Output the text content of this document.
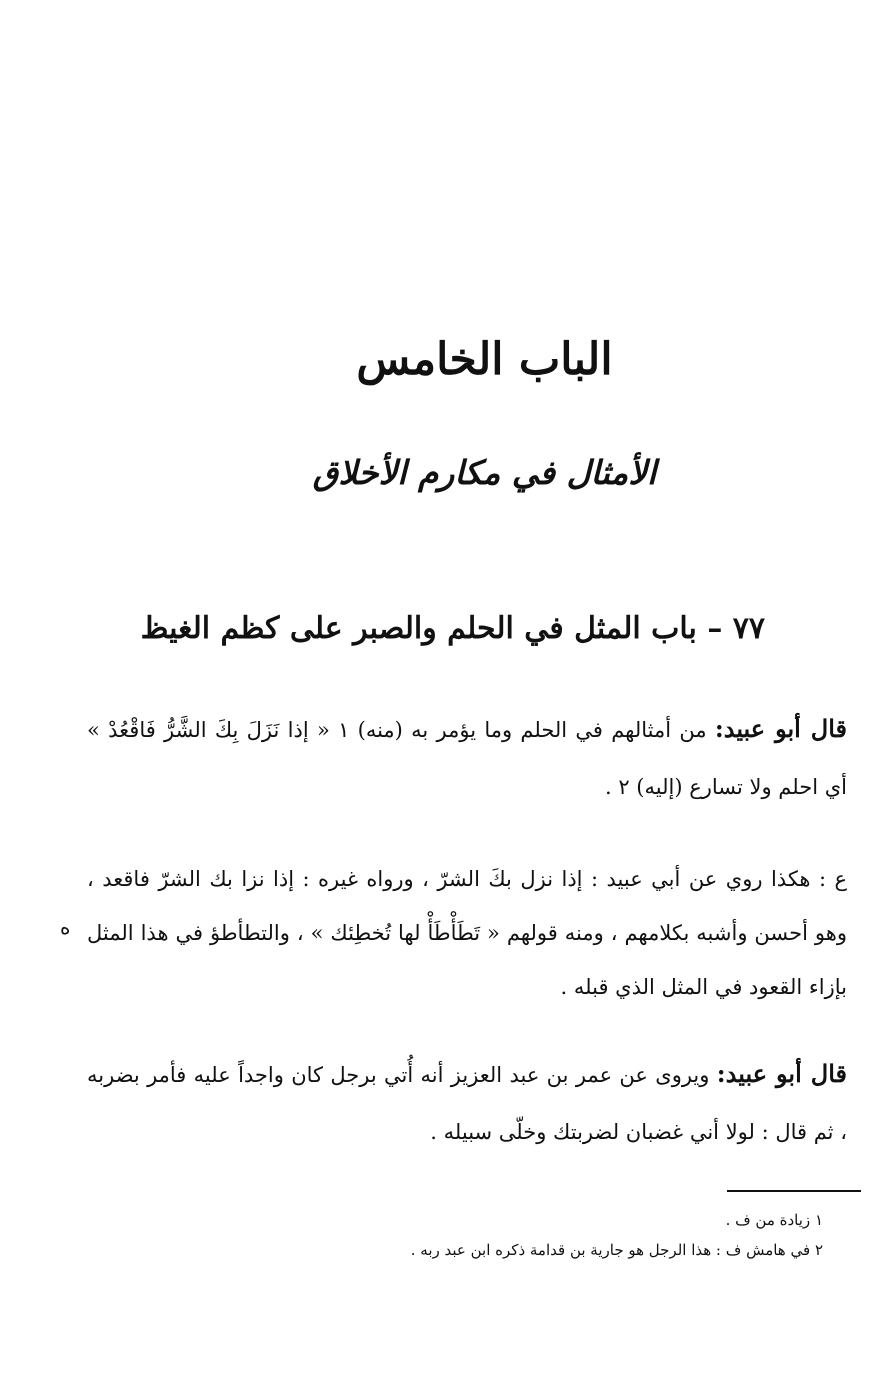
الباب الخامس
الأمثال في مكارم الأخلاق
٧٧ – باب المثل في الحلم والصبر على كظم الغيظ
قال أبو عبيد: من أمثالهم في الحلم وما يؤمر به (منه) ١ « إذا نَزَلَ بِكَ الشَّرُّ فَاقْعُدْ » أي احلم ولا تسارع (إليه) ٢ .
ع : هكذا روي عن أبي عبيد : إذا نزل بكَ الشرّ ، ورواه غيره : إذا نزا بك الشرّ فاقعد ، وهو أحسن وأشبه بكلامهم ، ومنه قولهم « تَطَأْطَأْ لها تُخطِئك » ، والتطأطؤ في هذا المثل بإزاء القعود في المثل الذي قبله .
ه
قال أبو عبيد: ويروى عن عمر بن عبد العزيز أنه أُتي برجل كان واجداً عليه فأمر بضربه ، ثم قال : لولا أني غضبان لضربتك وخلّى سبيله .
١ زيادة من ف .
٢ في هامش ف : هذا الرجل هو جارية بن قدامة ذكره ابن عبد ربه .
